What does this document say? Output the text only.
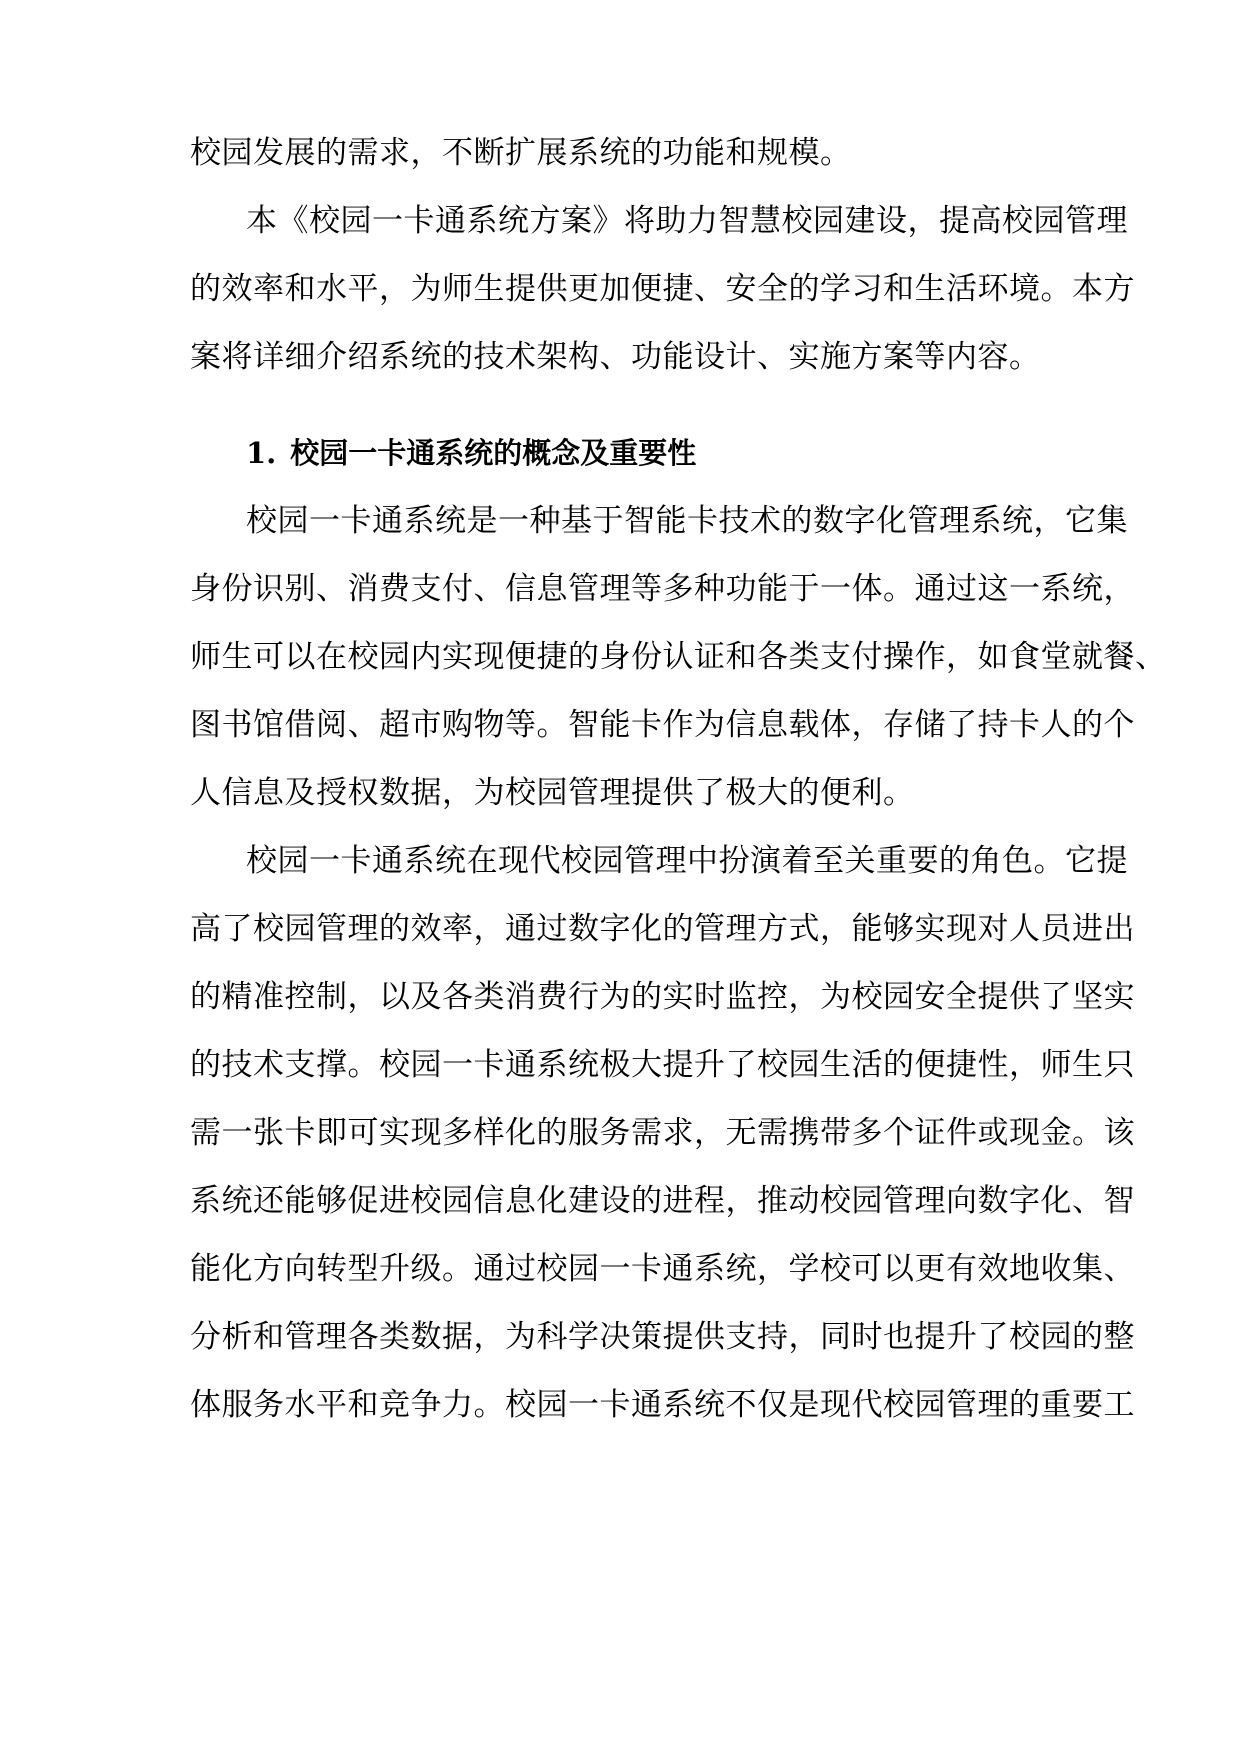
校园发展的需求，不断扩展系统的功能和规模。
本《校园一卡通系统方案》将助力智慧校园建设，提高校园管理
的效率和水平，为师生提供更加便捷、安全的学习和生活环境。本方
案将详细介绍系统的技术架构、功能设计、实施方案等内容。
1. 校园一卡通系统的概念及重要性
校园一卡通系统是一种基于智能卡技术的数字化管理系统，它集
身份识别、消费支付、信息管理等多种功能于一体。通过这一系统，
师生可以在校园内实现便捷的身份认证和各类支付操作，如食堂就餐、
图书馆借阅、超市购物等。智能卡作为信息载体，存储了持卡人的个
人信息及授权数据，为校园管理提供了极大的便利。
校园一卡通系统在现代校园管理中扮演着至关重要的角色。它提
高了校园管理的效率，通过数字化的管理方式，能够实现对人员进出
的精准控制，以及各类消费行为的实时监控，为校园安全提供了坚实
的技术支撑。校园一卡通系统极大提升了校园生活的便捷性，师生只
需一张卡即可实现多样化的服务需求，无需携带多个证件或现金。该
系统还能够促进校园信息化建设的进程，推动校园管理向数字化、智
能化方向转型升级。通过校园一卡通系统，学校可以更有效地收集、
分析和管理各类数据，为科学决策提供支持，同时也提升了校园的整
体服务水平和竞争力。校园一卡通系统不仅是现代校园管理的重要工
